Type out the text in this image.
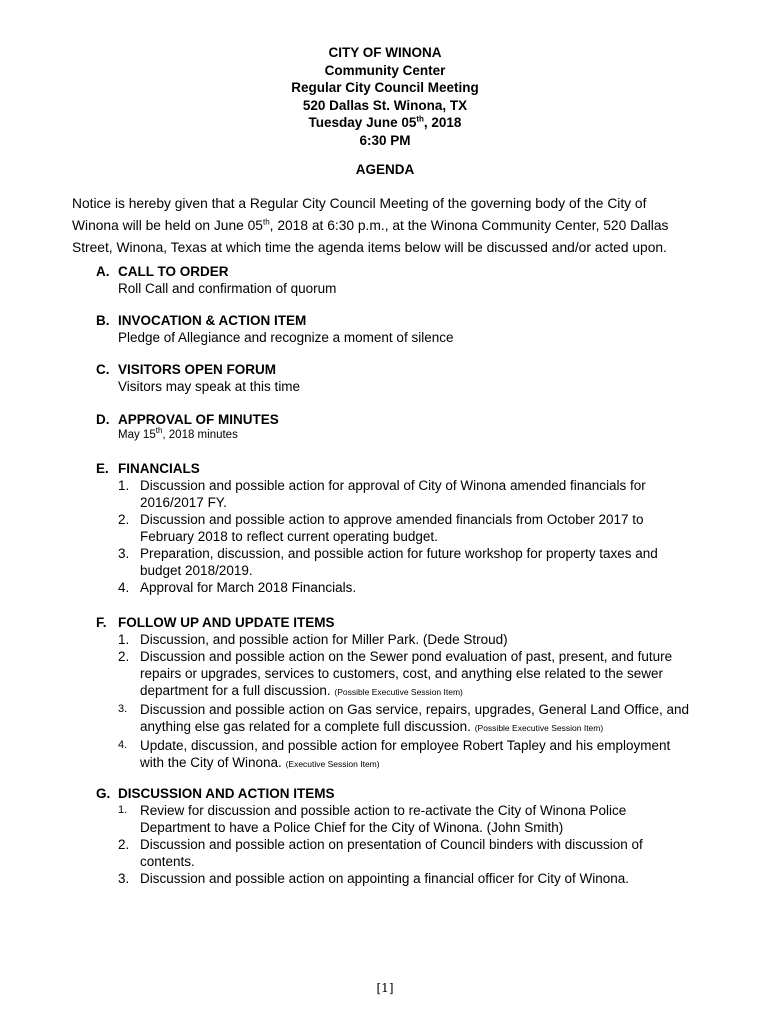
CITY OF WINONA
Community Center
Regular City Council Meeting
520 Dallas St. Winona, TX
Tuesday June 05th, 2018
6:30 PM
AGENDA
Notice is hereby given that a Regular City Council Meeting of the governing body of the City of Winona will be held on June 05th, 2018 at 6:30 p.m., at the Winona Community Center, 520 Dallas Street, Winona, Texas at which time the agenda items below will be discussed and/or acted upon.
A. CALL TO ORDER
Roll Call and confirmation of quorum
B. INVOCATION & ACTION ITEM
Pledge of Allegiance and recognize a moment of silence
C. VISITORS OPEN FORUM
Visitors may speak at this time
D. APPROVAL OF MINUTES
May 15th, 2018 minutes
E. FINANCIALS
1. Discussion and possible action for approval of City of Winona amended financials for 2016/2017 FY.
2. Discussion and possible action to approve amended financials from October 2017 to February 2018 to reflect current operating budget.
3. Preparation, discussion, and possible action for future workshop for property taxes and budget 2018/2019.
4. Approval for March 2018 Financials.
F. FOLLOW UP AND UPDATE ITEMS
1. Discussion, and possible action for Miller Park. (Dede Stroud)
2. Discussion and possible action on the Sewer pond evaluation of past, present, and future repairs or upgrades, services to customers, cost, and anything else related to the sewer department for a full discussion. (Possible Executive Session Item)
3. Discussion and possible action on Gas service, repairs, upgrades, General Land Office, and anything else gas related for a complete full discussion. (Possible Executive Session Item)
4. Update, discussion, and possible action for employee Robert Tapley and his employment with the City of Winona. (Executive Session Item)
G. DISCUSSION AND ACTION ITEMS
1. Review for discussion and possible action to re-activate the City of Winona Police Department to have a Police Chief for the City of Winona. (John Smith)
2. Discussion and possible action on presentation of Council binders with discussion of contents.
3. Discussion and possible action on appointing a financial officer for City of Winona.
[1]
